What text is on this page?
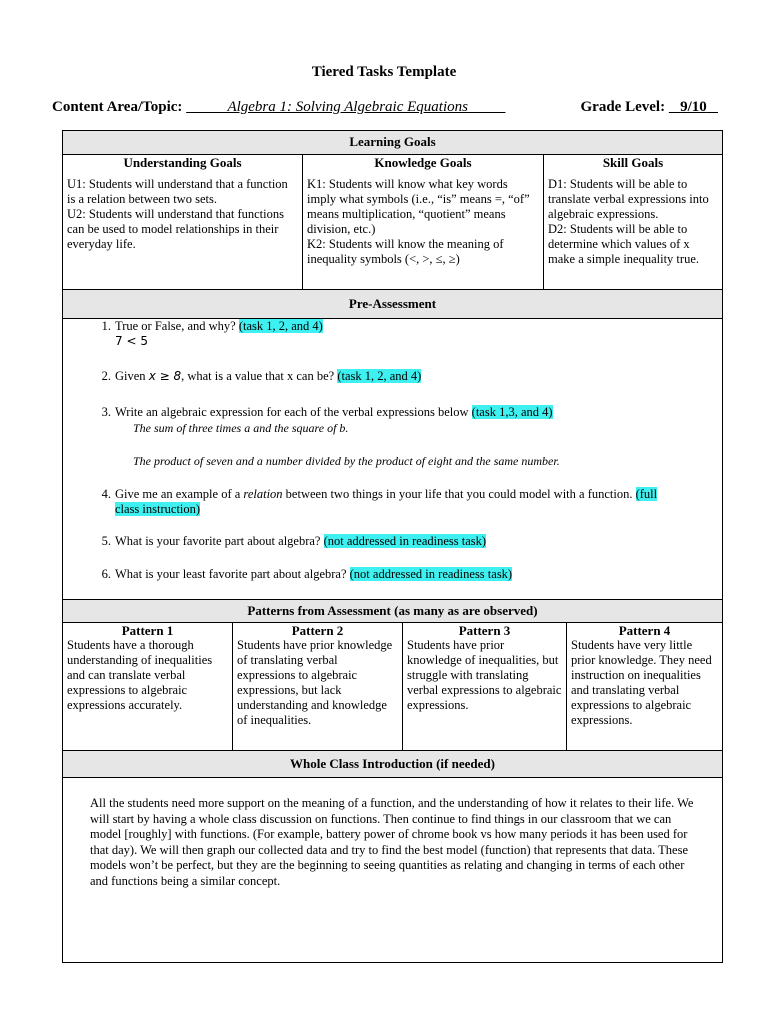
Tiered Tasks Template
Content Area/Topic:	Algebra 1: Solving Algebraic Equations	Grade Level: 9/10
Learning Goals
Understanding Goals
U1: Students will understand that a function is a relation between two sets.
U2: Students will understand that functions can be used to model relationships in their everyday life.
Knowledge Goals
K1: Students will know what key words imply what symbols (i.e., “is” means =, “of” means multiplication, “quotient” means division, etc.)
K2: Students will know the meaning of inequality symbols (<, >, ≤, ≥)
Skill Goals
D1: Students will be able to translate verbal expressions into algebraic expressions.
D2: Students will be able to determine which values of x make a simple inequality true.
Pre-Assessment
1. True or False, and why? (task 1, 2, and 4)
7 < 5
2. Given x ≥ 8, what is a value that x can be? (task 1, 2, and 4)
3. Write an algebraic expression for each of the verbal expressions below (task 1,3, and 4)
The sum of three times a and the square of b.
The product of seven and a number divided by the product of eight and the same number.
4. Give me an example of a relation between two things in your life that you could model with a function. (full
class instruction)
5. What is your favorite part about algebra? (not addressed in readiness task)
6. What is your least favorite part about algebra? (not addressed in readiness task)
Patterns from Assessment (as many as are observed)
Pattern 1
Students have a thorough understanding of inequalities and can translate verbal expressions to algebraic expressions accurately.
Pattern 2
Students have prior knowledge of translating verbal expressions to algebraic expressions, but lack understanding and knowledge of inequalities.
Pattern 3
Students have prior knowledge of inequalities, but struggle with translating verbal expressions to algebraic expressions.
Pattern 4
Students have very little prior knowledge. They need instruction on inequalities and translating verbal expressions to algebraic expressions.
Whole Class Introduction (if needed)
All the students need more support on the meaning of a function, and the understanding of how it relates to their life. We will start by having a whole class discussion on functions. Then continue to find things in our classroom that we can model [roughly] with functions. (For example, battery power of chrome book vs how many periods it has been used for that day). We will then graph our collected data and try to find the best model (function) that represents that data. These models won’t be perfect, but they are the beginning to seeing quantities as relating and changing in terms of each other and functions being a similar concept.
